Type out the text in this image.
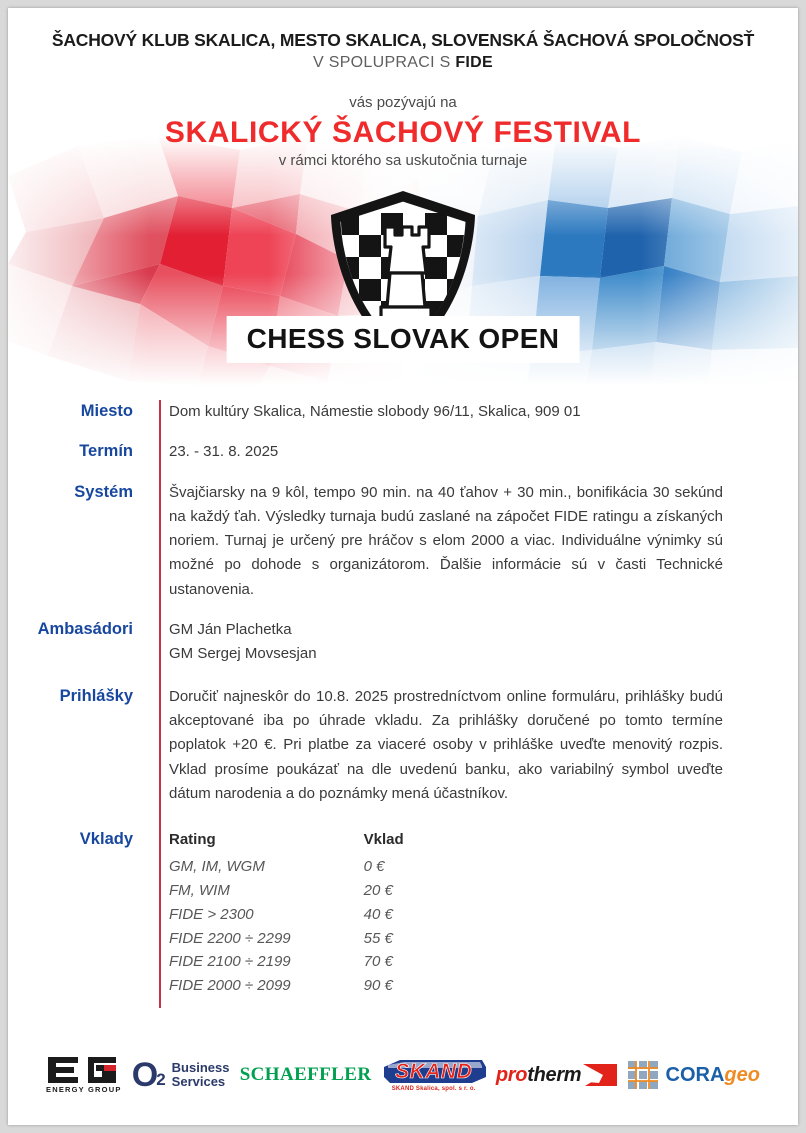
ŠACHOVÝ KLUB SKALICA, MESTO SKALICA, SLOVENSKÁ ŠACHOVÁ SPOLOČNOSŤ
V SPOLUPRACI S FIDE
vás pozývajú na
SKALICKÝ ŠACHOVÝ FESTIVAL
v rámci ktorého sa uskutočnia turnaje
CHESS SLOVAK OPEN
Miesto	Dom kultúry Skalica, Námestie slobody 96/11, Skalica, 909 01
Termín	23. - 31. 8. 2025
Systém	Švajčiarsky na 9 kôl, tempo 90 min. na 40 ťahov + 30 min., bonifikácia 30 sekúnd na každý ťah. Výsledky turnaja budú zaslané na zápočet FIDE ratingu a získaných noriem. Turnaj je určený pre hráčov s elom 2000 a viac. Individuálne výnimky sú možné po dohode s organizátorom. Ďalšie informácie sú v časti Technické ustanovenia.
Ambasádori	GM Ján Plachetka
GM Sergej Movsesjan
Prihlášky	Doručiť najneskôr do 10.8. 2025 prostredníctvom online formuláru, prihlášky budú akceptované iba po úhrade vkladu. Za prihlášky doručené po tomto termíne poplatok +20 €. Pri platbe za viaceré osoby v prihláške uveďte menovitý rozpis. Vklad prosíme poukázať na dle uvedenú banku, ako variabilný symbol uveďte dátum narodenia a do poznámky mená účastníkov.
Vklady	Rating	Vklad
GM, IM, WGM	0 €
FM, WIM	20 €
FIDE > 2300	40 €
FIDE 2200 ÷ 2299	55 €
FIDE 2100 ÷ 2199	70 €
FIDE 2000 ÷ 2099	90 €
ENERGY GROUP O
2
Business
Services SCHAEFFLER	SKAND
SKAND Skalica, spol. s r. o.
pro therm	CORA geo
